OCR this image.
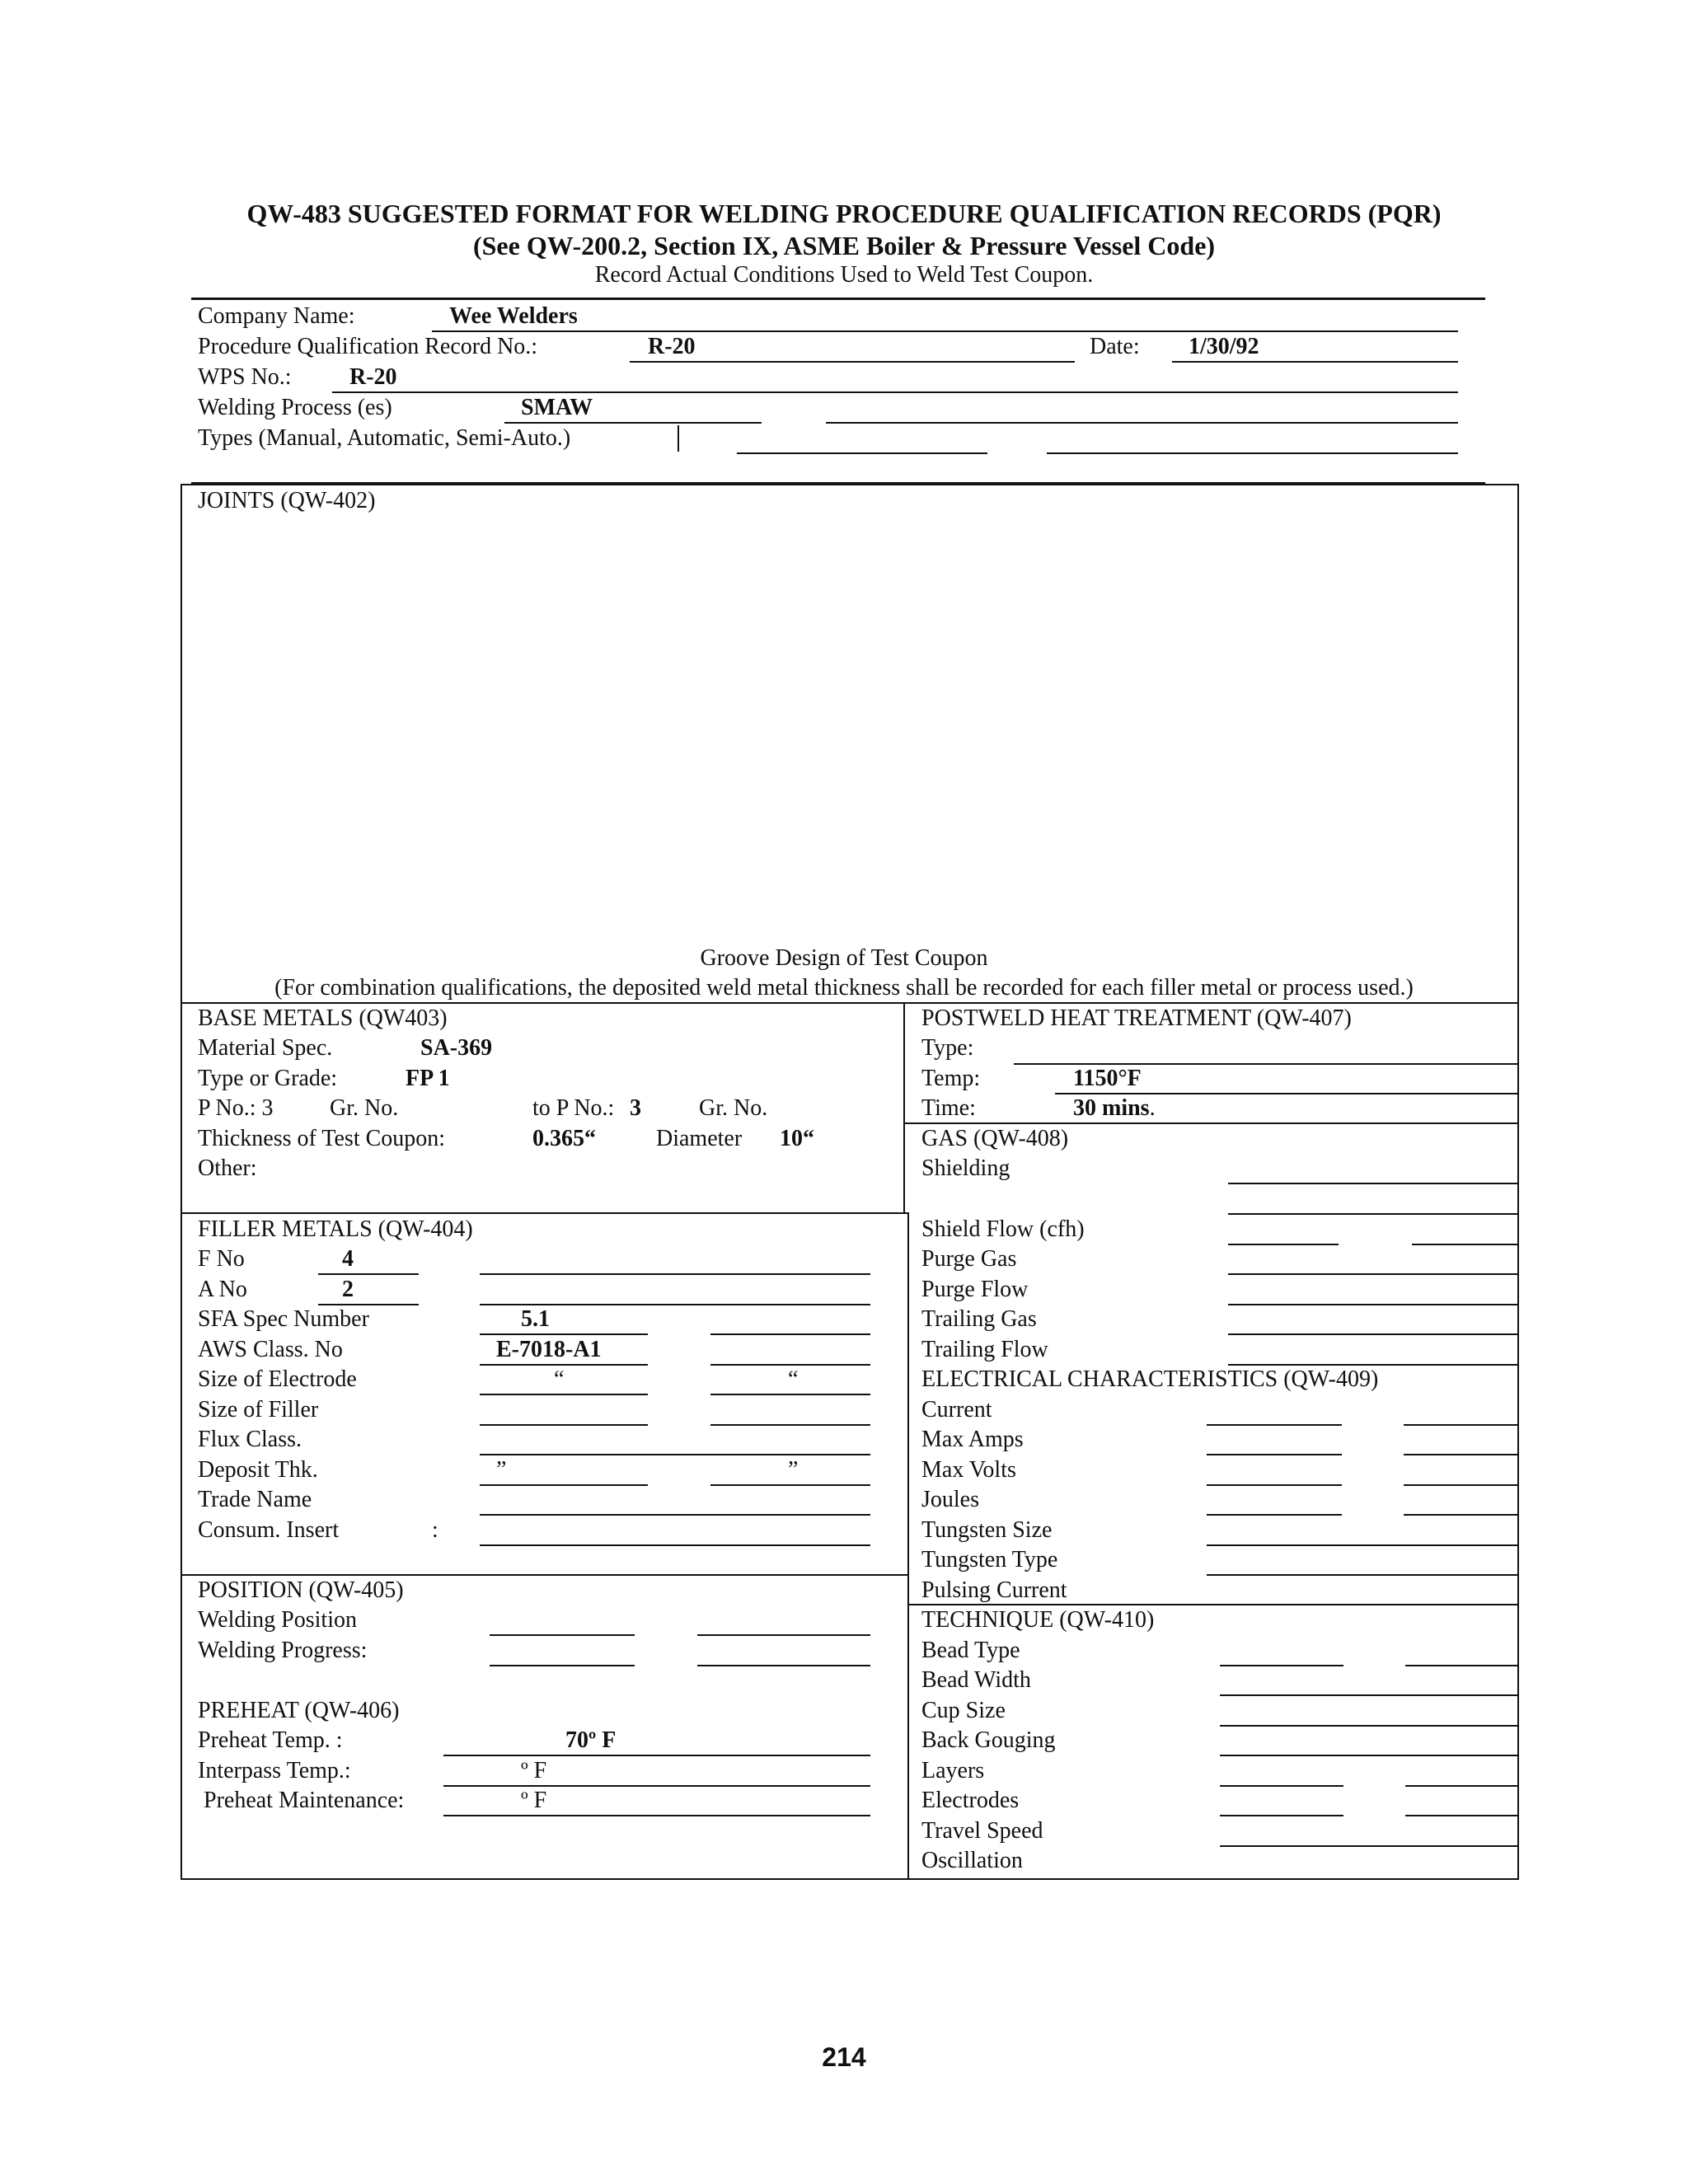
QW-483 SUGGESTED FORMAT FOR WELDING PROCEDURE QUALIFICATION RECORDS (PQR)
(See QW-200.2, Section IX, ASME Boiler & Pressure Vessel Code)
Record Actual Conditions Used to Weld Test Coupon.
Company Name:	Wee Welders
Procedure Qualification Record No.:	R-20	Date: 1/30/92
WPS No.:	R-20
Welding Process (es)	SMAW
Types (Manual, Automatic, Semi-Auto.)
JOINTS (QW-402)
Groove Design of Test Coupon
(For combination qualifications, the deposited weld metal thickness shall be recorded for each filler metal or process used.)
BASE METALS (QW403)
Material Spec.	SA-369
Type or Grade:	FP 1
P No.: 3 Gr. No.	to P No.: 3	Gr. No.
Thickness of Test Coupon:	0.365“	Diameter 10“
Other:
POSTWELD HEAT TREATMENT (QW-407)
Type:
Temp:	1150°F
Time:	30 mins.
GAS (QW-408)
Shielding
Shield Flow (cfh)
Purge Gas
Purge Flow
Trailing Gas
Trailing Flow
FILLER METALS (QW-404)
F No	4
A No	2
SFA Spec Number	5.1
AWS Class. No	E-7018-A1
Size of Electrode	“	“
Size of Filler
Flux Class.
Deposit Thk.	”	”
Trade Name
Consum. Insert	:
ELECTRICAL CHARACTERISTICS (QW-409)
Current
Max Amps
Max Volts
Joules
Tungsten Size
Tungsten Type
Pulsing Current
POSITION (QW-405)
Welding Position
Welding Progress:
PREHEAT (QW-406)
Preheat Temp. :	70º F
Interpass Temp.:	º F
Preheat Maintenance:	º F
TECHNIQUE (QW-410)
Bead Type
Bead Width
Cup Size
Back Gouging
Layers
Electrodes
Travel Speed
Oscillation
214
